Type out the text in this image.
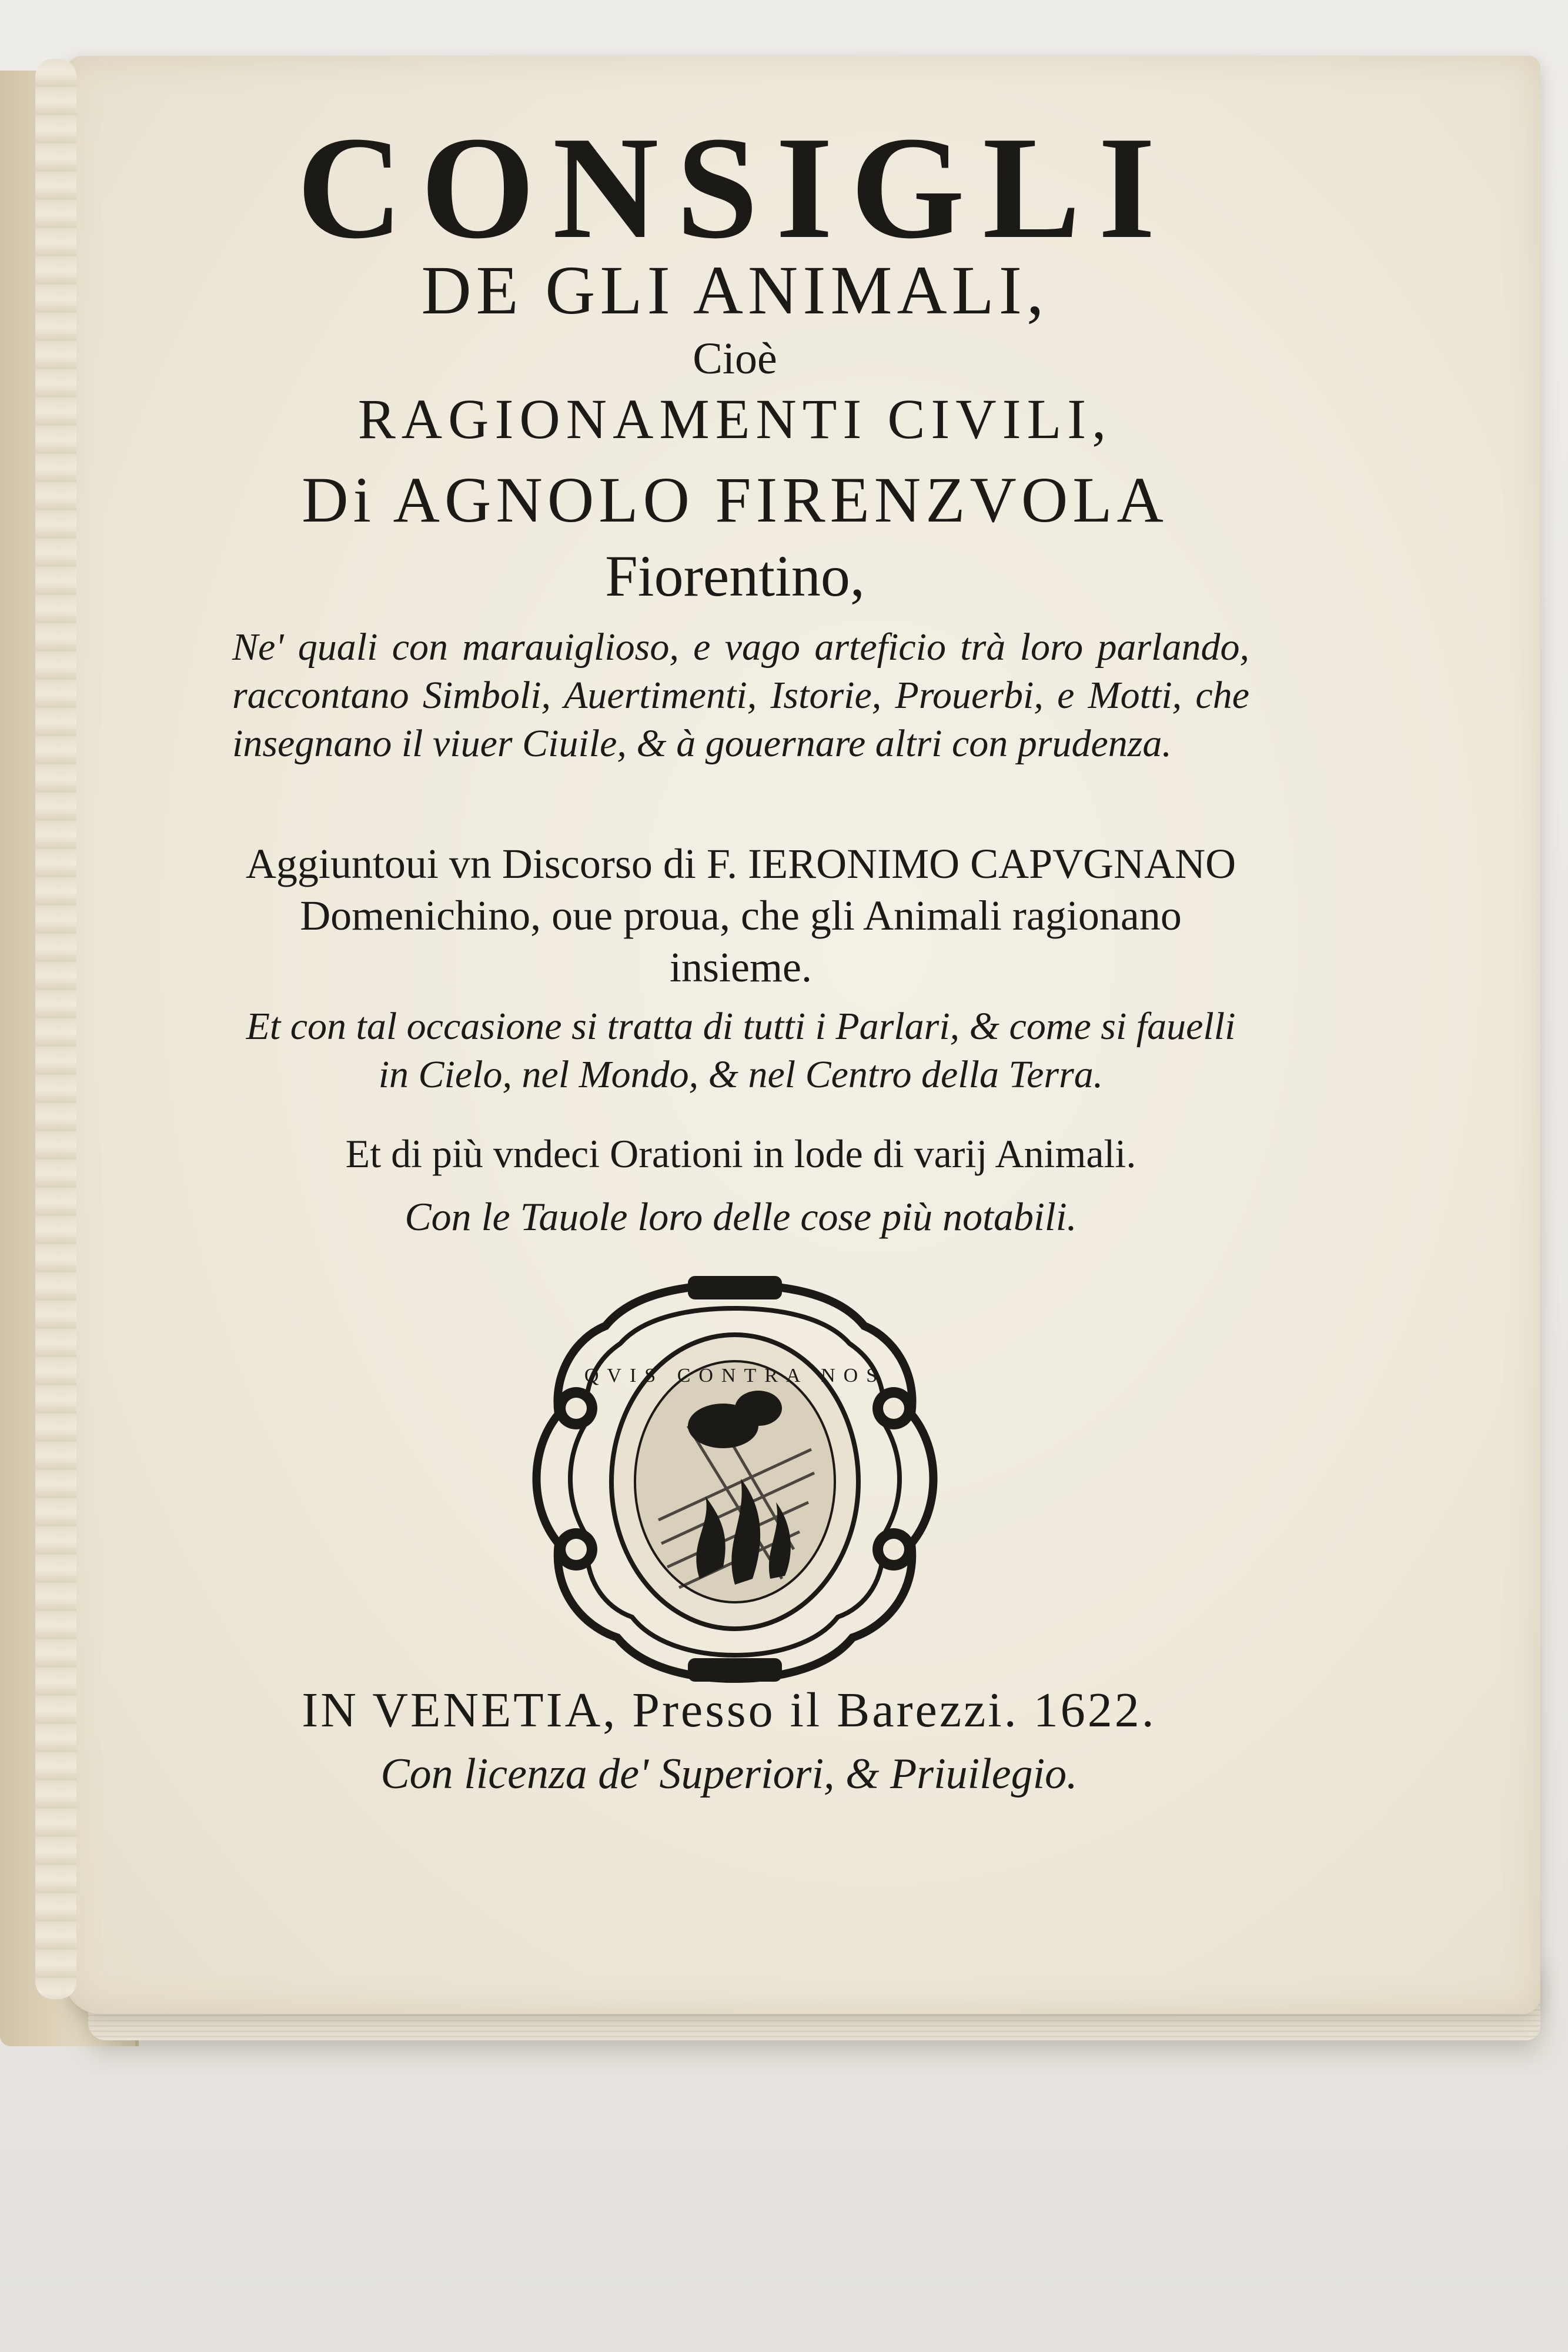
CONSIGLI
DE GLI ANIMALI,
Cioè
RAGIONAMENTI CIVILI,
Di AGNOLO FIRENZVOLA
Fiorentino,
Ne' quali con marauiglioso, e vago arteficio trà loro parlando, raccontano Simboli, Auertimenti, Istorie, Prouerbi, e Motti, che insegnano il viuer Ciuile, & à gouernare altri con prudenza.
Aggiuntoui vn Discorso di F. IERONIMO CAPVGNANO Domenichino, oue proua, che gli Animali ragionano insieme.
Et con tal occasione si tratta di tutti i Parlari, & come si fauelli in Cielo, nel Mondo, & nel Centro della Terra.
Et di più vndeci Orationi in lode di varij Animali.
Con le Tauole loro delle cose più notabili.
QVIS CONTRA NOS
IN VENETIA, Presso il Barezzi. 1622.
Con licenza de' Superiori, & Priuilegio.
